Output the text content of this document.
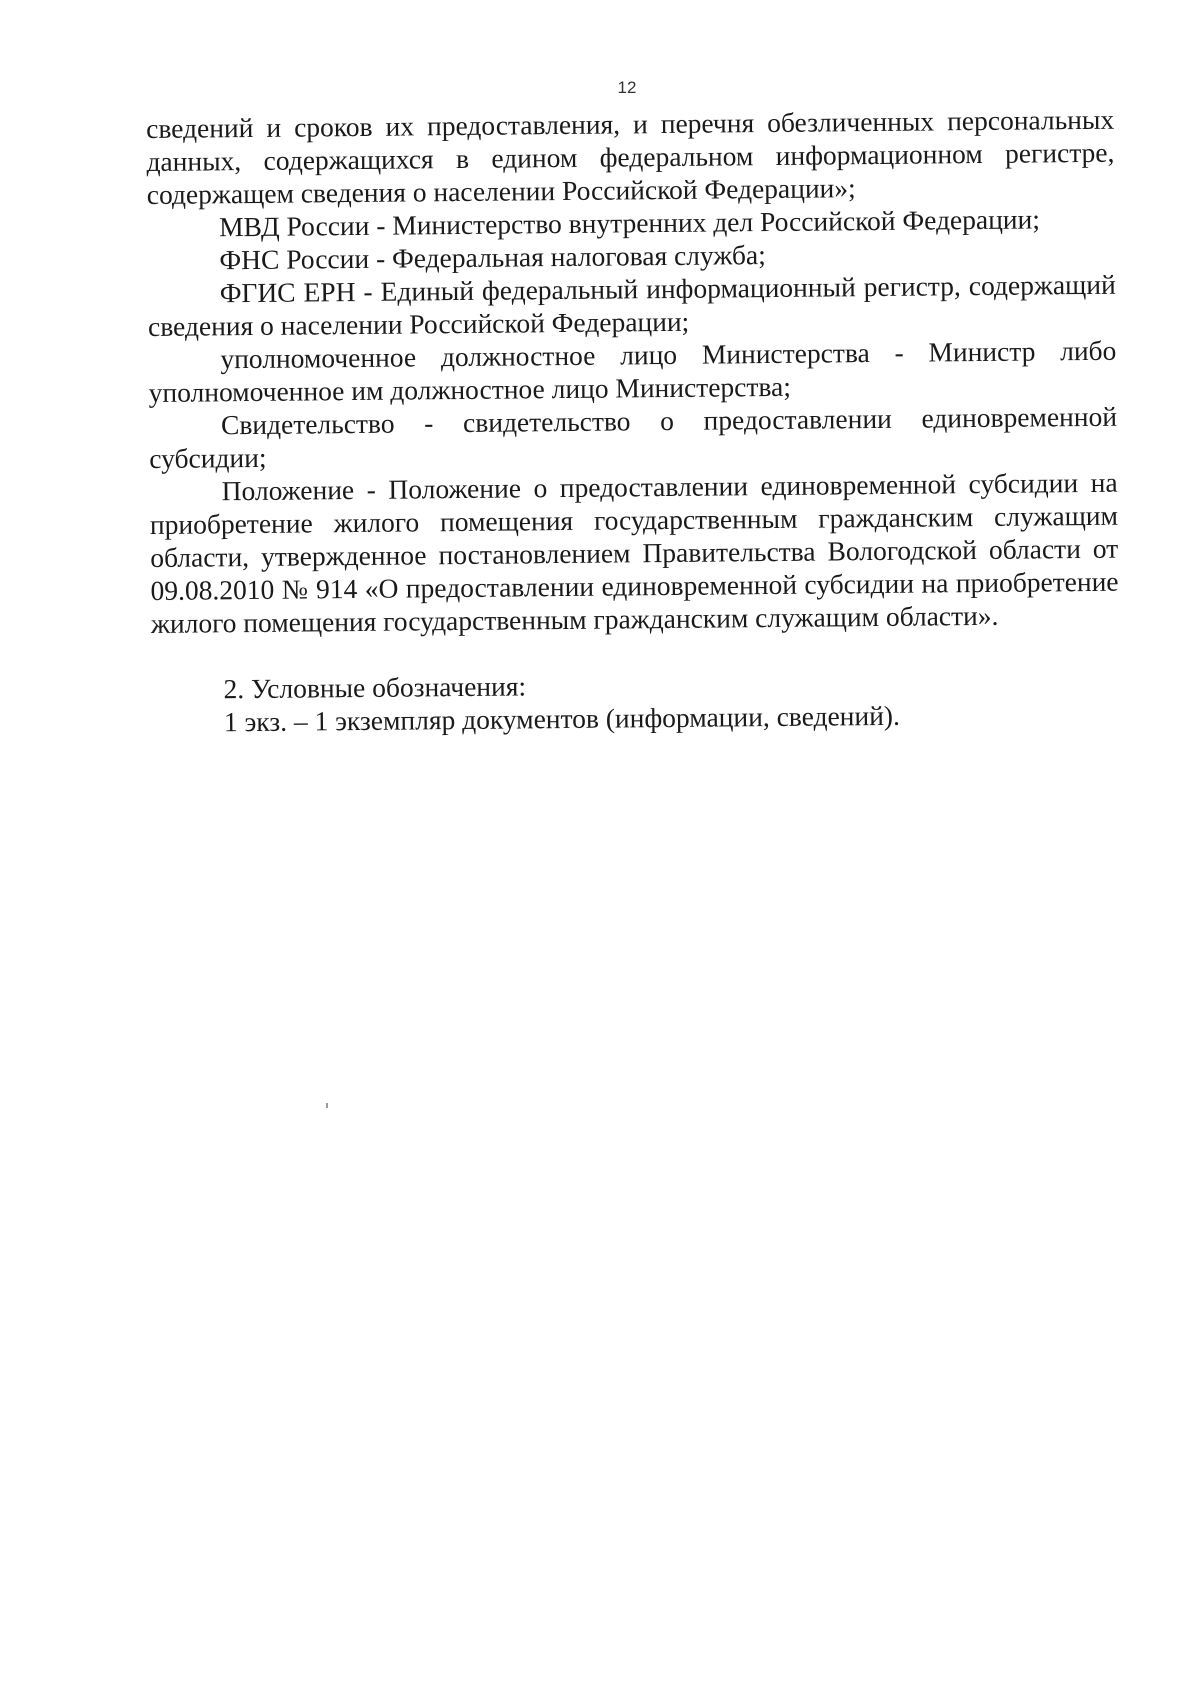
12

сведений и сроков их предоставления, и перечня обезличенных персональных данных, содержащихся в едином федеральном информационном регистре, содержащем сведения о населении Российской Федерации»;

МВД России - Министерство внутренних дел Российской Федерации;

ФНС России - Федеральная налоговая служба;

ФГИС ЕРН - Единый федеральный информационный регистр, содержащий сведения о населении Российской Федерации;

уполномоченное должностное лицо Министерства - Министр либо уполномоченное им должностное лицо Министерства;

Свидетельство - свидетельство о предоставлении единовременной субсидии;

Положение - Положение о предоставлении единовременной субсидии на приобретение жилого помещения государственным гражданским служащим области, утвержденное постановлением Правительства Вологодской области от 09.08.2010 № 914 «О предоставлении единовременной субсидии на приобретение жилого помещения государственным гражданским служащим области».

2. Условные обозначения:

1 экз. – 1 экземпляр документов (информации, сведений).
